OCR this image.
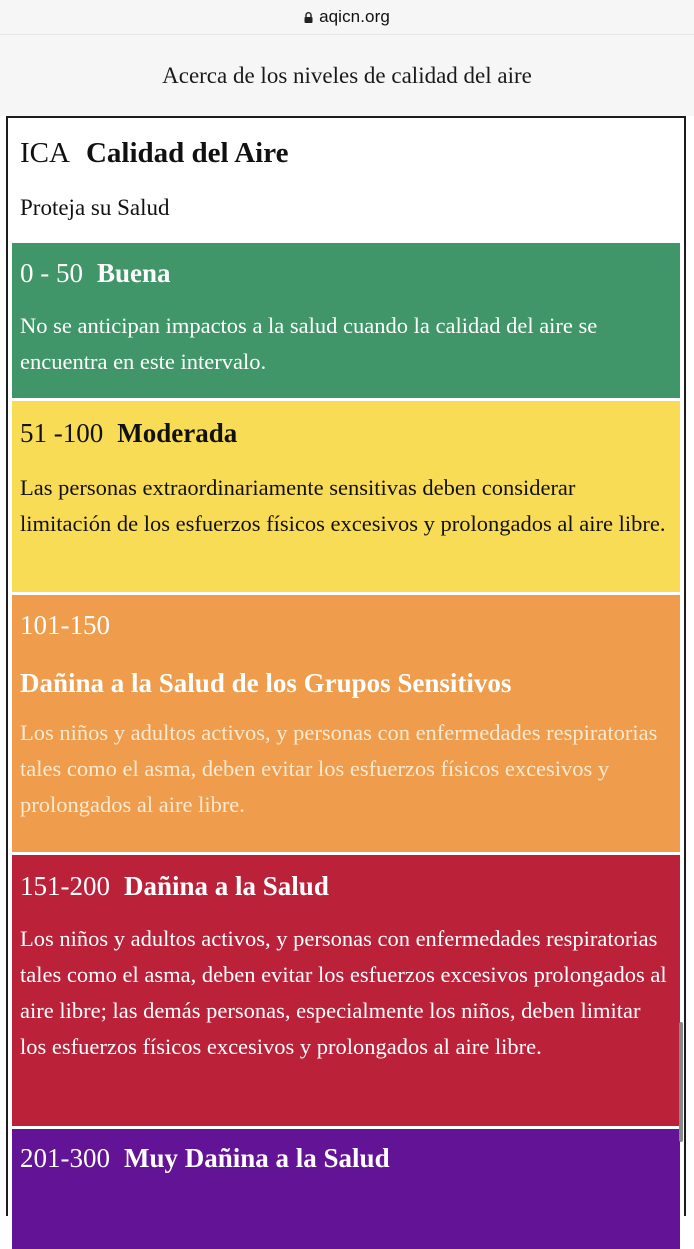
aqicn.org
Acerca de los niveles de calidad del aire
ICA Calidad del Aire
Proteja su Salud
0 - 50 Buena
No se anticipan impactos a la salud cuando la calidad del aire se encuentra en este intervalo.
51 -100 Moderada
Las personas extraordinariamente sensitivas deben considerar limitación de los esfuerzos físicos excesivos y prolongados al aire libre.
101-150
Dañina a la Salud de los Grupos Sensitivos
Los niños y adultos activos, y personas con enfermedades respiratorias tales como el asma, deben evitar los esfuerzos físicos excesivos y prolongados al aire libre.
151-200 Dañina a la Salud
Los niños y adultos activos, y personas con enfermedades respiratorias tales como el asma, deben evitar los esfuerzos excesivos prolongados al aire libre; las demás personas, especialmente los niños, deben limitar los esfuerzos físicos excesivos y prolongados al aire libre.
201-300 Muy Dañina a la Salud
